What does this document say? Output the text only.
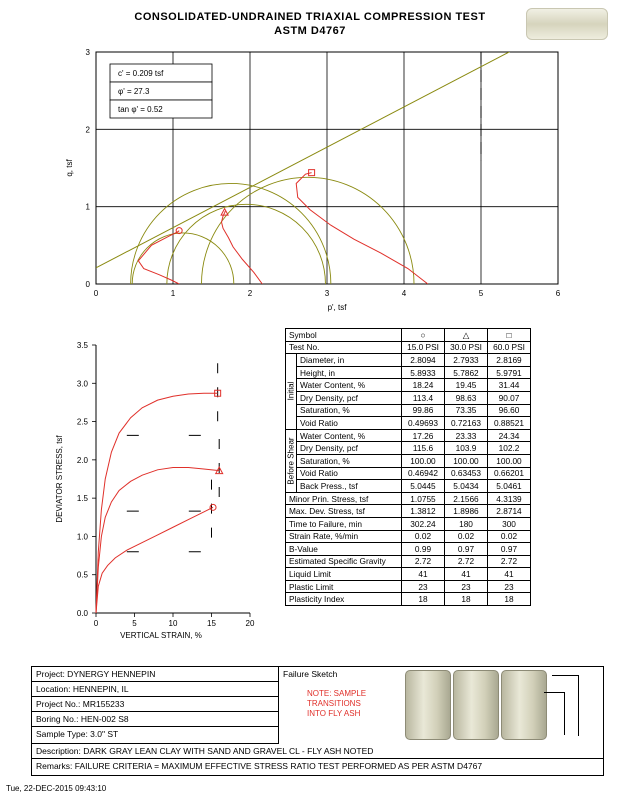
CONSOLIDATED-UNDRAINED TRIAXIAL COMPRESSION TEST
ASTM D4767
0	1	2	3	4	5	6
0
1
2
3
p', tsf
q, tsf
c' = 0.209 tsf
φ' = 27.3
tan φ' = 0.52
0.0
0.5
1.0
1.5
2.0
2.5
3.0
3.5
0	5	10	15	20
VERTICAL STRAIN, %
DEVIATOR STRESS, tsf
Symbol		○	△	□
Test No.		15.0 PSI	30.0 PSI	60.0 PSI

Initial	Diameter, in	2.8094	2.7933	2.8169
	Height, in	5.8933	5.7862	5.9791
	Water Content, %	18.24	19.45	31.44
	Dry Density, pcf	113.4	98.63	90.07
	Saturation, %	99.86	73.35	96.60
	Void Ratio	0.49693	0.72163	0.88521

Before Shear	Water Content, %	17.26	23.33	24.34
	Dry Density, pcf	115.6	103.9	102.2
	Saturation, %	100.00	100.00	100.00
	Void Ratio	0.46942	0.63453	0.66201
	Back Press., tsf	5.0445	5.0434	5.0461
Minor Prin. Stress, tsf		1.0755	2.1566	4.3139
Max. Dev. Stress, tsf		1.3812	1.8986	2.8714
Time to Failure, min		302.24	180	300
Strain Rate, %/min		0.02	0.02	0.02
B-Value		0.99	0.97	0.97
Estimated Specific Gravity		2.72	2.72	2.72
Liquid Limit		41	41	41
Plastic Limit		23	23	23
Plasticity Index		18	18	18
Project: DYNERGY HENNEPIN
Location: HENNEPIN, IL
Project No.: MR155233
Boring No.: HEN-002 S8
Sample Type: 3.0" ST
Description: DARK GRAY LEAN CLAY WITH SAND AND GRAVEL CL - FLY ASH NOTED
Remarks: FAILURE CRITERIA = MAXIMUM EFFECTIVE STRESS RATIO TEST PERFORMED AS PER ASTM D4767
Failure Sketch
NOTE: SAMPLE
TRANSITIONS
INTO FLY ASH
Tue, 22-DEC-2015 09:43:10
